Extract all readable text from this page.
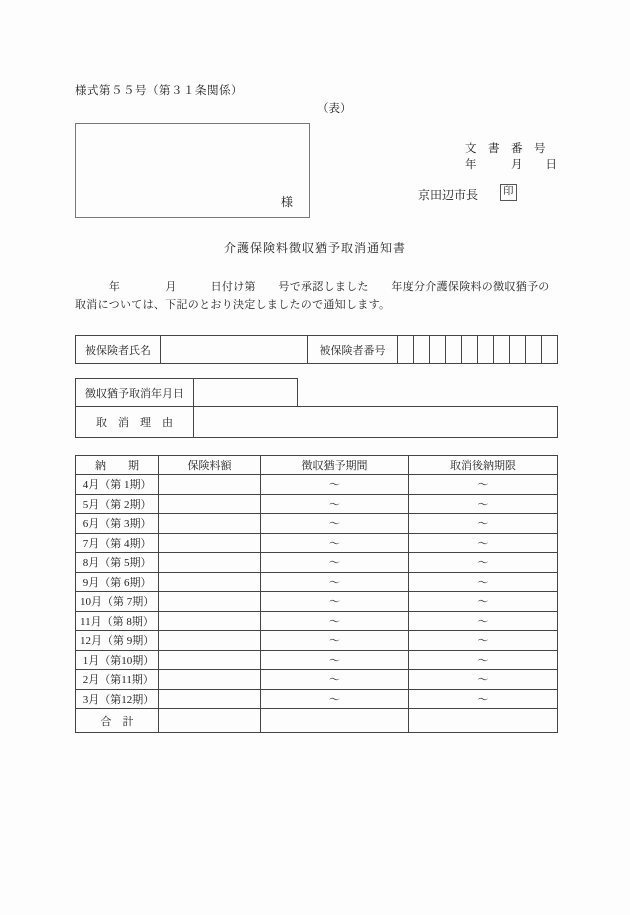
様式第５５号（第３１条関係）
（表）
様
文　書　番　号
年　　　月　　日
京田辺市長 印
介護保険料徴収猶予取消通知書
　　　年　　　　月　　　日付け第　　号で承認しました　　年度分介護保険料の徴収猶予の
取消については、下記のとおり決定しましたので通知します。
被保険者氏名		被保険者番号										
徴収猶予取消年月日	
取　消　理　由	
納　　期	保険料額	徴収猶予期間	取消後納期限
4月（第 1期）		～	～
5月（第 2期）		～	～
6月（第 3期）		～	～
7月（第 4期）		～	～
8月（第 5期）		～	～
9月（第 6期）		～	～
10月（第 7期）		～	～
11月（第 8期）		～	～
12月（第 9期）		～	～
1月（第10期）		～	～
2月（第11期）		～	～
3月（第12期）		～	～
合　計			
